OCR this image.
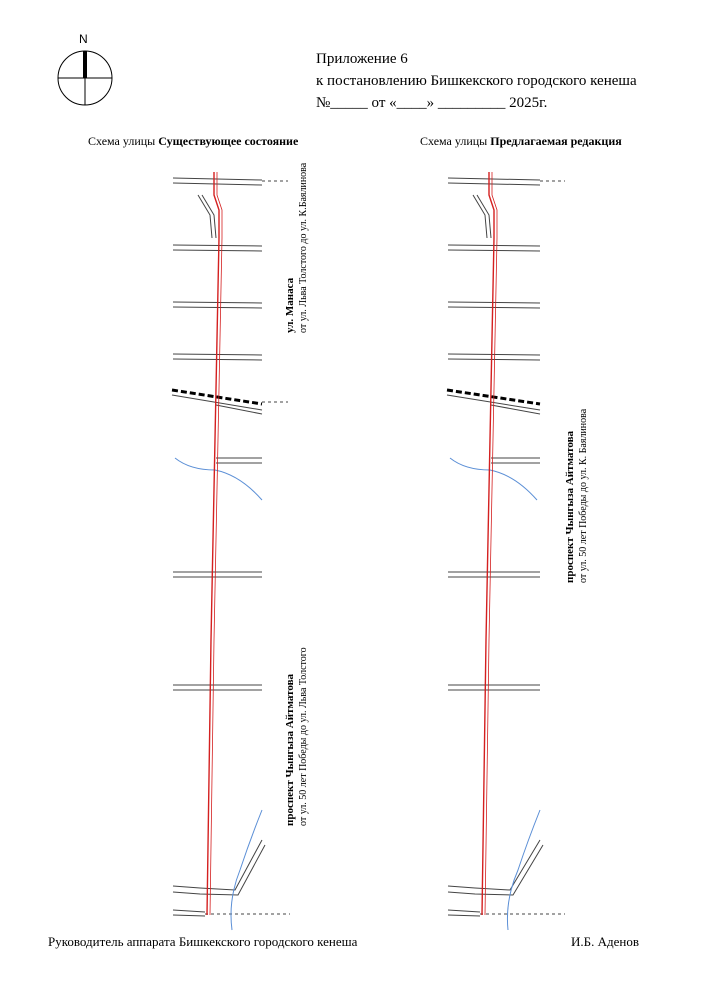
N
Приложение 6
к постановлению Бишкекского городского кенеша
№_____ от «____» _________ 2025г.
Схема улицы Существующее состояние	Схема улицы Предлагаемая редакция
ул. Манаса от ул. Льва Толстого до ул. К.Баялинова
проспект Чынгыза Айтматова от ул. 50 лет Победы до ул. Льва Толстого
проспект Чынгыза Айтматова от ул. 50 лет Победы до ул. К. Баялинова
Руководитель аппарата Бишкекского городского кенеша	И.Б. Аденов
